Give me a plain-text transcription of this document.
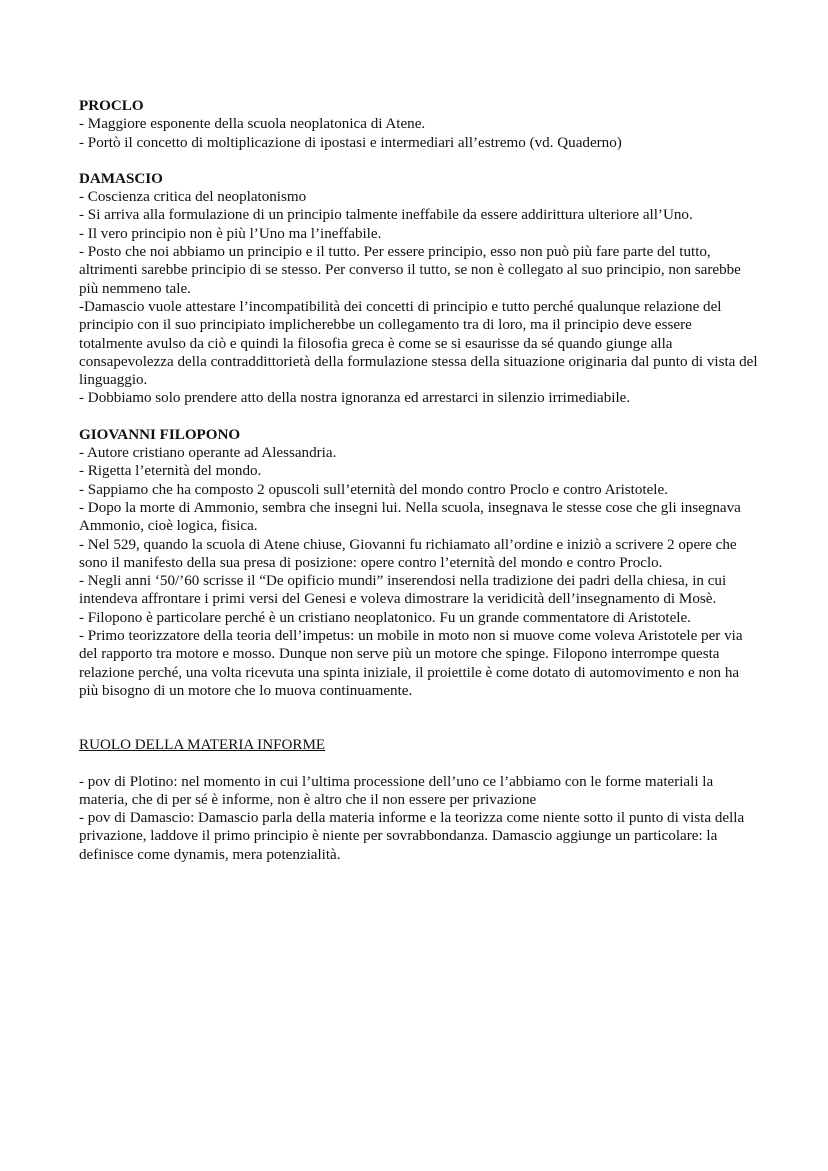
PROCLO

- Maggiore esponente della scuola neoplatonica di Atene.

- Portò il concetto di moltiplicazione di ipostasi e intermediari all’estremo (vd. Quaderno)

DAMASCIO

- Coscienza critica del neoplatonismo

- Si arriva alla formulazione di un principio talmente ineffabile da essere addirittura ulteriore all’Uno.

- Il vero principio non è più l’Uno ma l’ineffabile.

- Posto che noi abbiamo un principio e il tutto. Per essere principio, esso non può più fare parte del tutto, altrimenti sarebbe principio di se stesso. Per converso il tutto, se non è collegato al suo principio, non sarebbe più nemmeno tale.

-Damascio vuole attestare l’incompatibilità dei concetti di principio e tutto perché qualunque relazione del principio con il suo principiato implicherebbe un collegamento tra di loro, ma il principio deve essere totalmente avulso da ciò e quindi la filosofia greca è come se si esaurisse da sé quando giunge alla consapevolezza della contraddittorietà della formulazione stessa della situazione originaria dal punto di vista del linguaggio.

- Dobbiamo solo prendere atto della nostra ignoranza ed arrestarci in silenzio irrimediabile.

GIOVANNI FILOPONO

- Autore cristiano operante ad Alessandria.

- Rigetta l’eternità del mondo.

- Sappiamo che ha composto 2 opuscoli sull’eternità del mondo contro Proclo e contro Aristotele.

- Dopo la morte di Ammonio, sembra che insegni lui. Nella scuola, insegnava le stesse cose che gli insegnava Ammonio, cioè logica, fisica.

- Nel 529, quando la scuola di Atene chiuse, Giovanni fu richiamato all’ordine e iniziò a scrivere 2 opere che sono il manifesto della sua presa di posizione: opere contro l’eternità del mondo e contro Proclo.

- Negli anni ‘50/’60 scrisse il “De opificio mundi” inserendosi nella tradizione dei padri della chiesa, in cui intendeva affrontare i primi versi del Genesi e voleva dimostrare la veridicità dell’insegnamento di Mosè.

- Filopono è particolare perché è un cristiano neoplatonico. Fu un grande commentatore di Aristotele.

- Primo teorizzatore della teoria dell’impetus: un mobile in moto non si muove come voleva Aristotele per via del rapporto tra motore e mosso. Dunque non serve più un motore che spinge. Filopono interrompe questa relazione perché, una volta ricevuta una spinta iniziale, il proiettile è come dotato di automovimento e non ha più bisogno di un motore che lo muova continuamente.

RUOLO DELLA MATERIA INFORME

- pov di Plotino: nel momento in cui l’ultima processione dell’uno ce l’abbiamo con le forme materiali la materia, che di per sé è informe, non è altro che il non essere per privazione

- pov di Damascio: Damascio parla della materia informe e la teorizza come niente sotto il punto di vista della privazione, laddove il primo principio è niente per sovrabbondanza. Damascio aggiunge un particolare: la definisce come dynamis, mera potenzialità.
